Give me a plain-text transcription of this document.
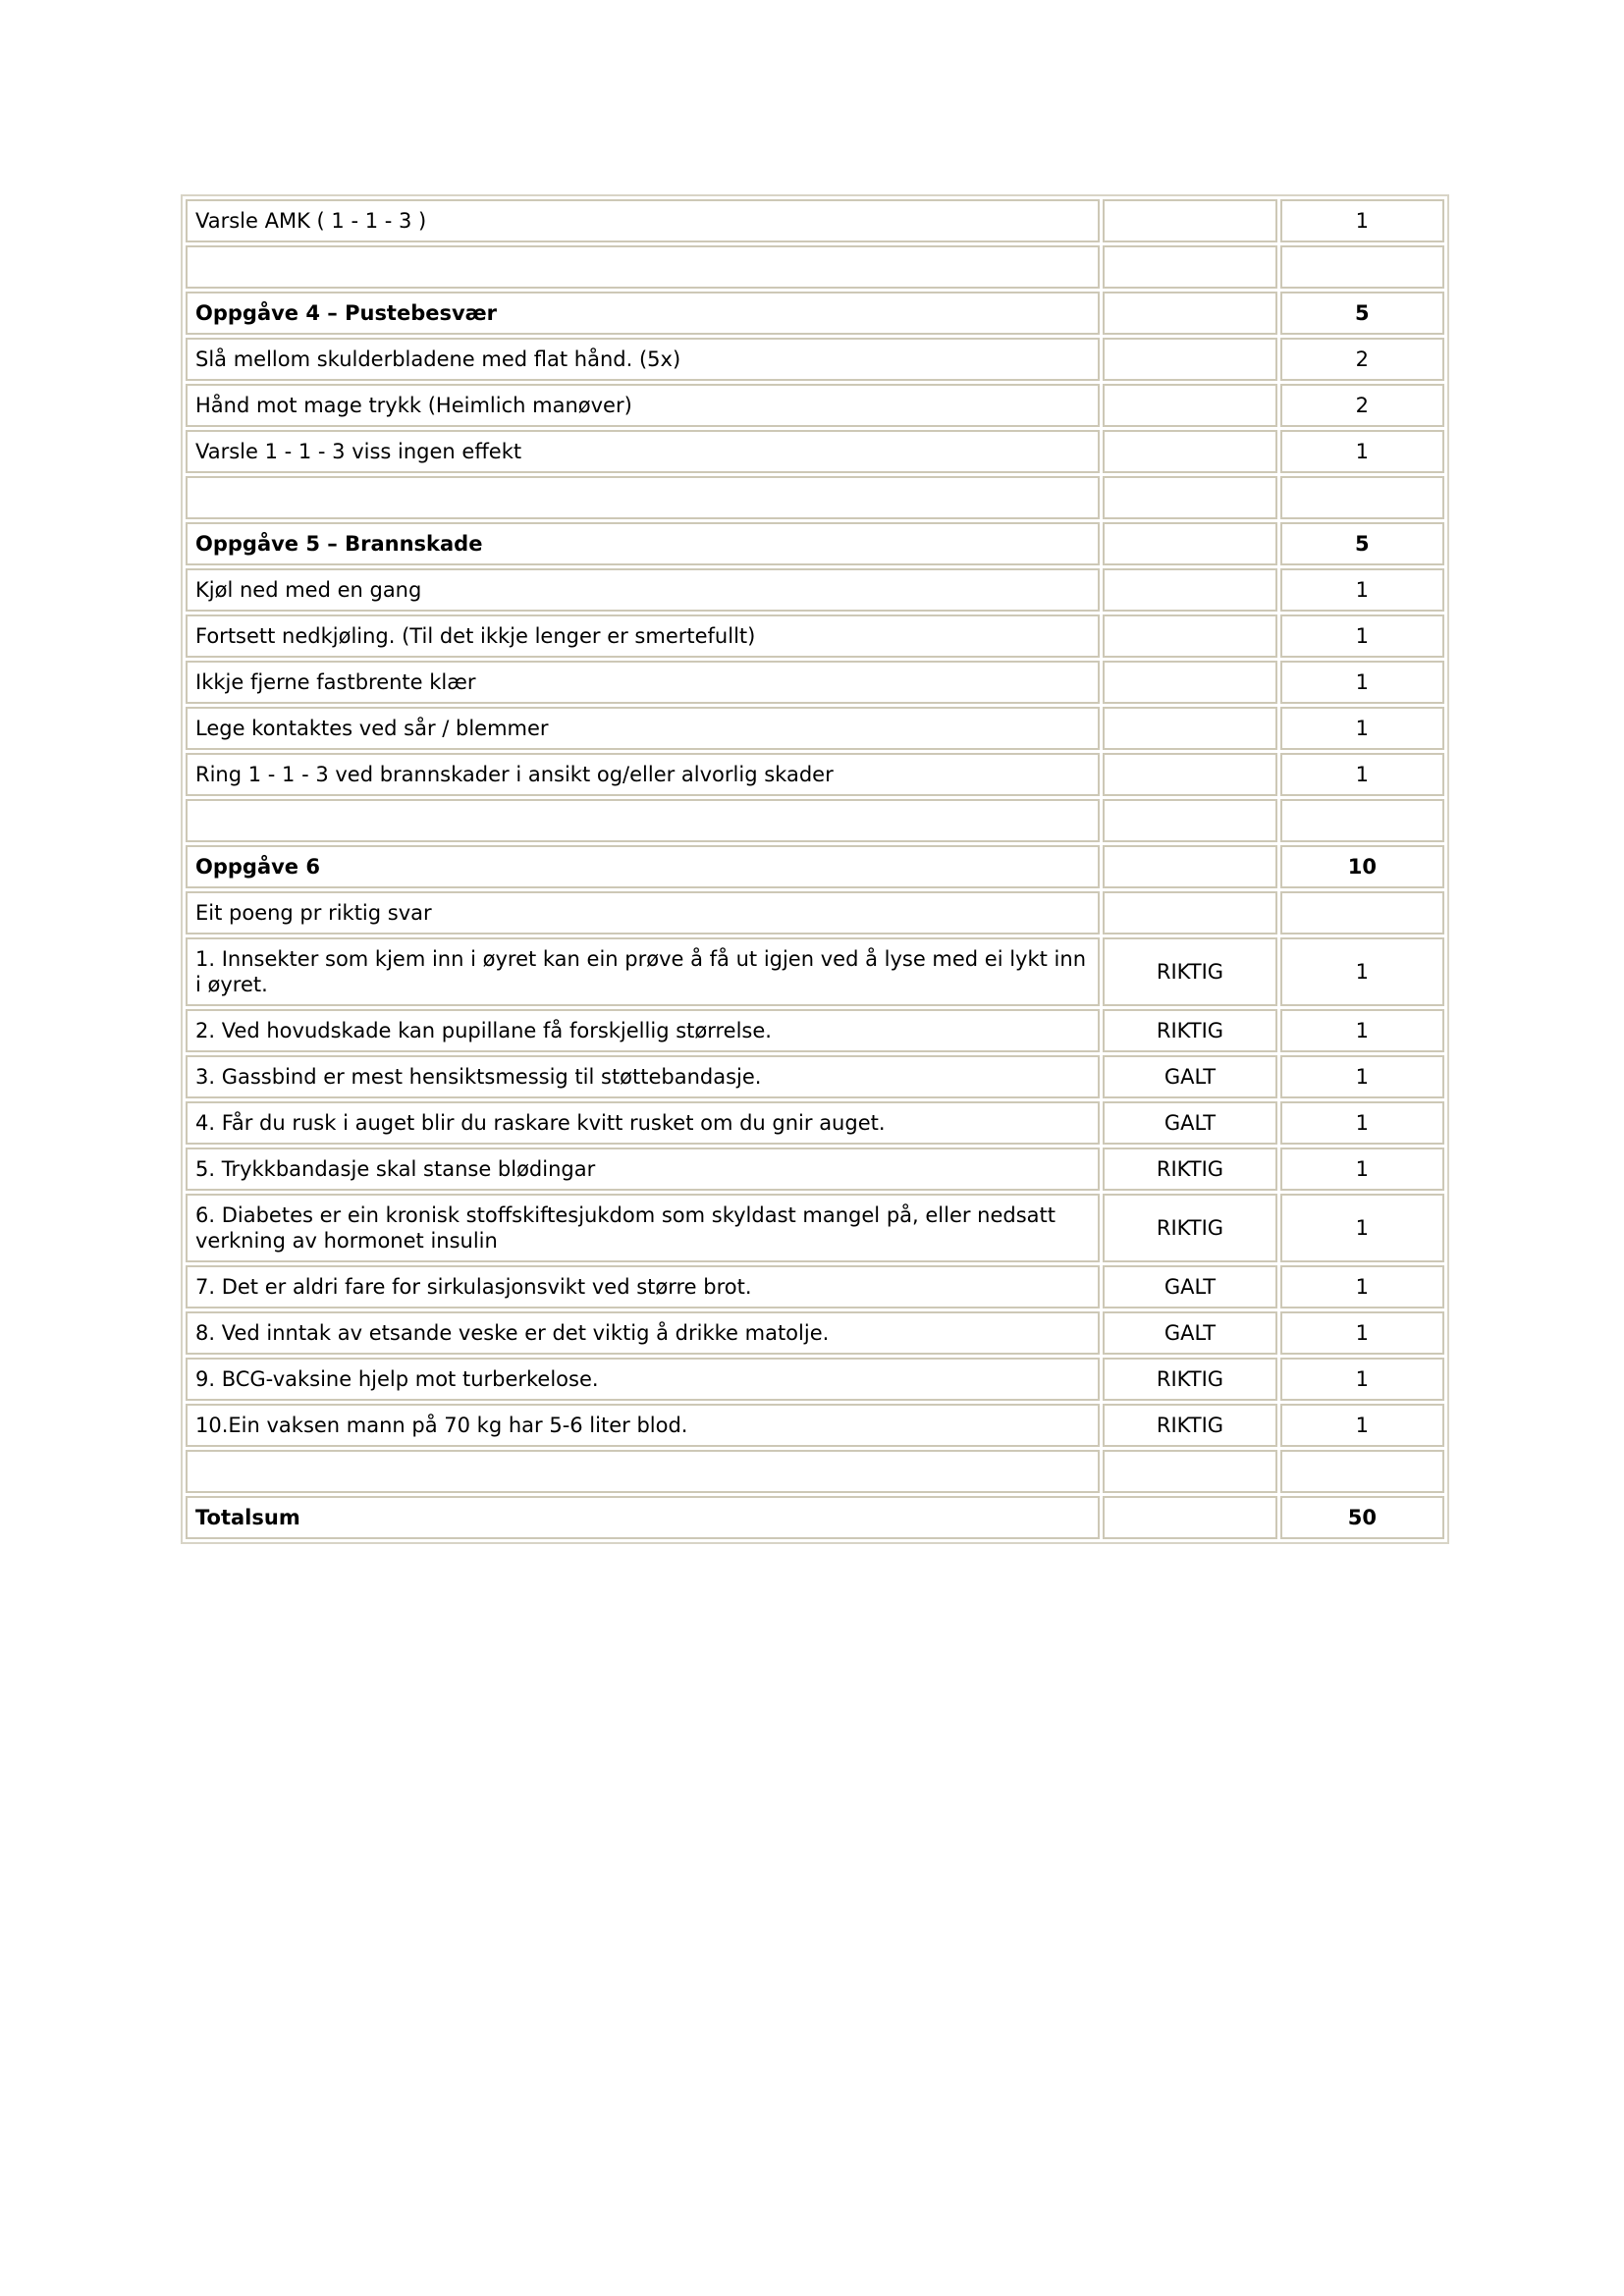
Varsle AMK ( 1 - 1 - 3 )		1

Oppgåve 4 – Pustebesvær		5
Slå mellom skulderbladene med flat hånd. (5x)		2
Hånd mot mage trykk (Heimlich manøver)		2
Varsle 1 - 1 - 3 viss ingen effekt		1

Oppgåve 5 – Brannskade		5
Kjøl ned med en gang		1
Fortsett nedkjøling. (Til det ikkje lenger er smertefullt)		1
Ikkje fjerne fastbrente klær		1
Lege kontaktes ved sår / blemmer		1
Ring 1 - 1 - 3 ved brannskader i ansikt og/eller alvorlig skader		1

Oppgåve 6		10
Eit poeng pr riktig svar		
1. Innsekter som kjem inn i øyret kan ein prøve å få ut igjen ved å lyse med ei lykt inn i øyret.	RIKTIG	1
2. Ved hovudskade kan pupillane få forskjellig størrelse.	RIKTIG	1
3. Gassbind er mest hensiktsmessig til støttebandasje.	GALT	1
4. Får du rusk i auget blir du raskare kvitt rusket om du gnir auget.	GALT	1
5. Trykkbandasje skal stanse blødingar	RIKTIG	1
6. Diabetes er ein kronisk stoffskiftesjukdom som skyldast mangel på, eller nedsatt verkning av hormonet insulin	RIKTIG	1
7. Det er aldri fare for sirkulasjonsvikt ved større brot.	GALT	1
8. Ved inntak av etsande veske er det viktig å drikke matolje.	GALT	1
9. BCG-vaksine hjelp mot turberkelose.	RIKTIG	1
10.Ein vaksen mann på 70 kg har 5-6 liter blod.	RIKTIG	1

Totalsum		50
